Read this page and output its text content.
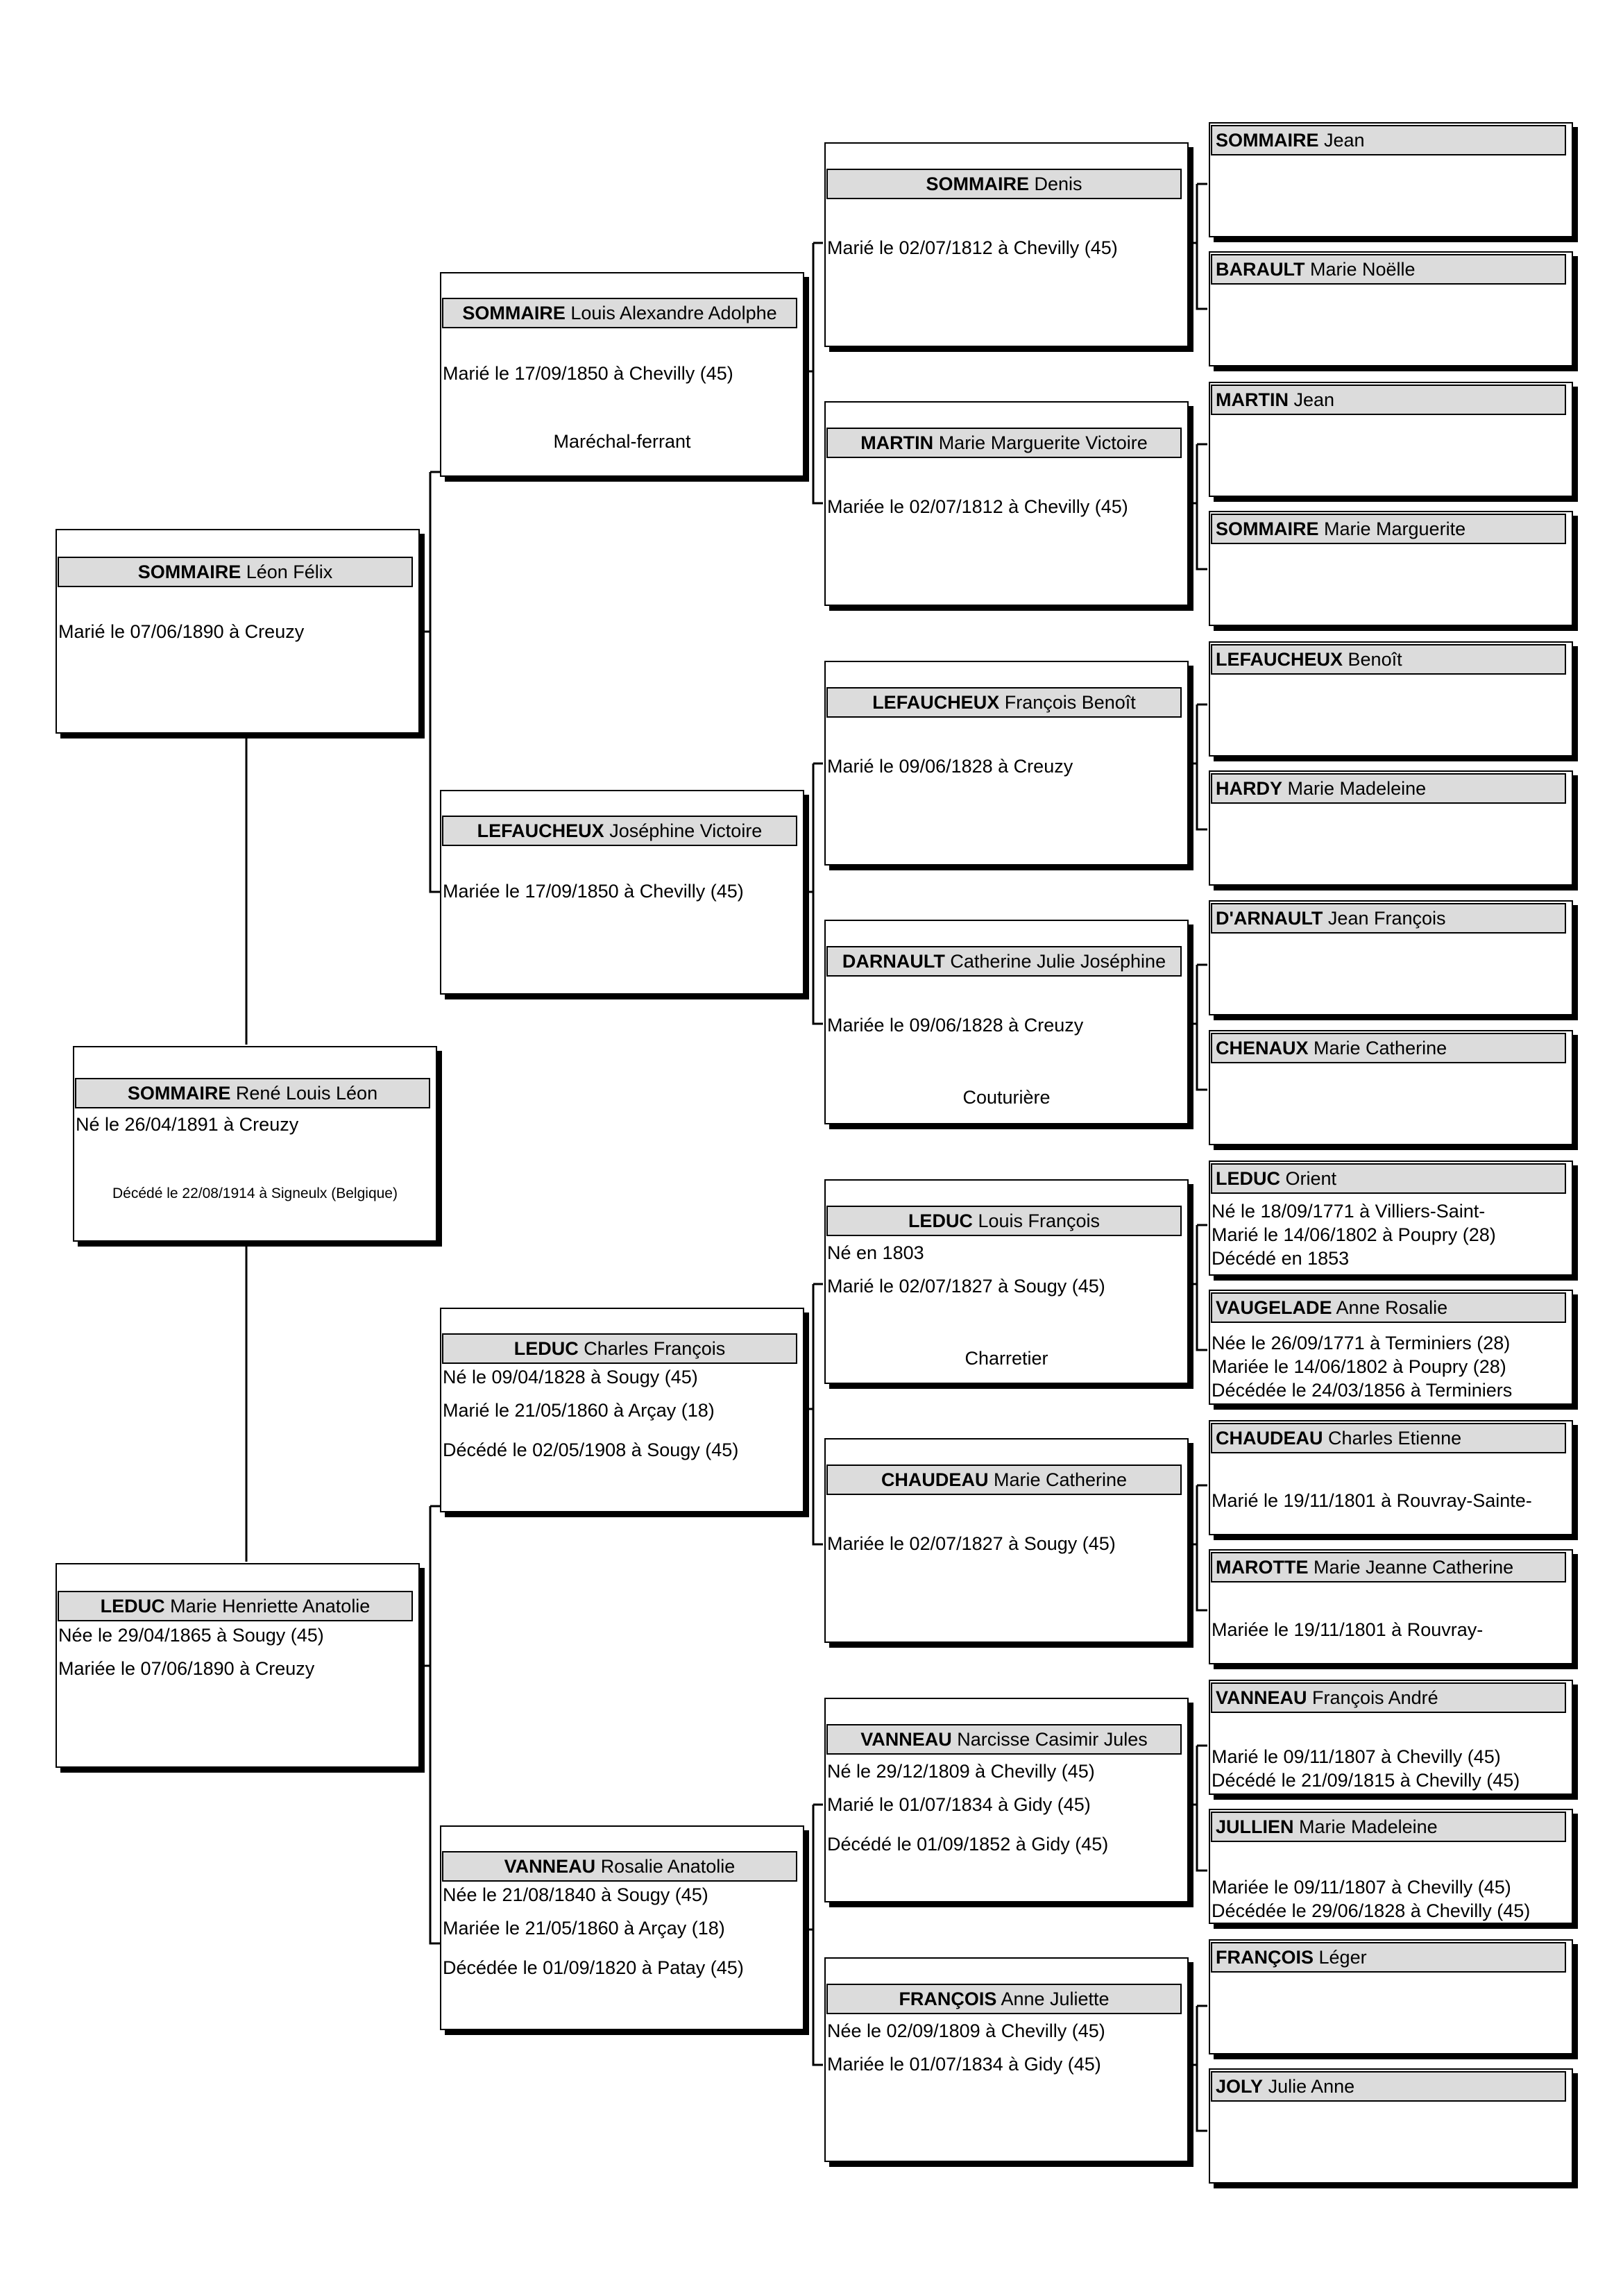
SOMMAIRE René Louis Léon
Né le 26/04/1891 à Creuzy
Décédé le 22/08/1914 à Signeulx (Belgique)
SOMMAIRE Léon Félix
Marié le 07/06/1890 à Creuzy
LEDUC Marie Henriette Anatolie
Née le 29/04/1865 à Sougy (45)
Mariée le 07/06/1890 à Creuzy
SOMMAIRE Louis Alexandre Adolphe
Marié le 17/09/1850 à Chevilly (45)
Maréchal-ferrant
LEFAUCHEUX Joséphine Victoire
Mariée le 17/09/1850 à Chevilly (45)
LEDUC Charles François
Né le 09/04/1828 à Sougy (45)
Marié le 21/05/1860 à Arçay (18)
Décédé le 02/05/1908 à Sougy (45)
VANNEAU Rosalie Anatolie
Née le 21/08/1840 à Sougy (45)
Mariée le 21/05/1860 à Arçay (18)
Décédée le 01/09/1820 à Patay (45)
SOMMAIRE Denis
Marié le 02/07/1812 à Chevilly (45)
MARTIN Marie Marguerite Victoire
Mariée le 02/07/1812 à Chevilly (45)
LEFAUCHEUX François Benoît
Marié le 09/06/1828 à Creuzy
DARNAULT Catherine Julie Joséphine
Mariée le 09/06/1828 à Creuzy
Couturière
LEDUC Louis François
Né en 1803
Marié le 02/07/1827 à Sougy (45)
Charretier
CHAUDEAU Marie Catherine
Mariée le 02/07/1827 à Sougy (45)
VANNEAU Narcisse Casimir Jules
Né le 29/12/1809 à Chevilly (45)
Marié le 01/07/1834 à Gidy (45)
Décédé le 01/09/1852 à Gidy (45)
FRANÇOIS Anne Juliette
Née le 02/09/1809 à Chevilly (45)
Mariée le 01/07/1834 à Gidy (45)
SOMMAIRE Jean
BARAULT Marie Noëlle
MARTIN Jean
SOMMAIRE Marie Marguerite
LEFAUCHEUX Benoît
HARDY Marie Madeleine
D'ARNAULT Jean François
CHENAUX Marie Catherine
LEDUC Orient
Né le 18/09/1771 à Villiers-Saint-
Marié le 14/06/1802 à Poupry (28)
Décédé en 1853
VAUGELADE Anne Rosalie
Née le 26/09/1771 à Terminiers (28)
Mariée le 14/06/1802 à Poupry (28)
Décédée le 24/03/1856 à Terminiers
CHAUDEAU Charles Etienne
Marié le 19/11/1801 à Rouvray-Sainte-
MAROTTE Marie Jeanne Catherine
Mariée le 19/11/1801 à Rouvray-
VANNEAU François André
Marié le 09/11/1807 à Chevilly (45)
Décédé le 21/09/1815 à Chevilly (45)
JULLIEN Marie Madeleine
Mariée le 09/11/1807 à Chevilly (45)
Décédée le 29/06/1828 à Chevilly (45)
FRANÇOIS Léger
JOLY Julie Anne
